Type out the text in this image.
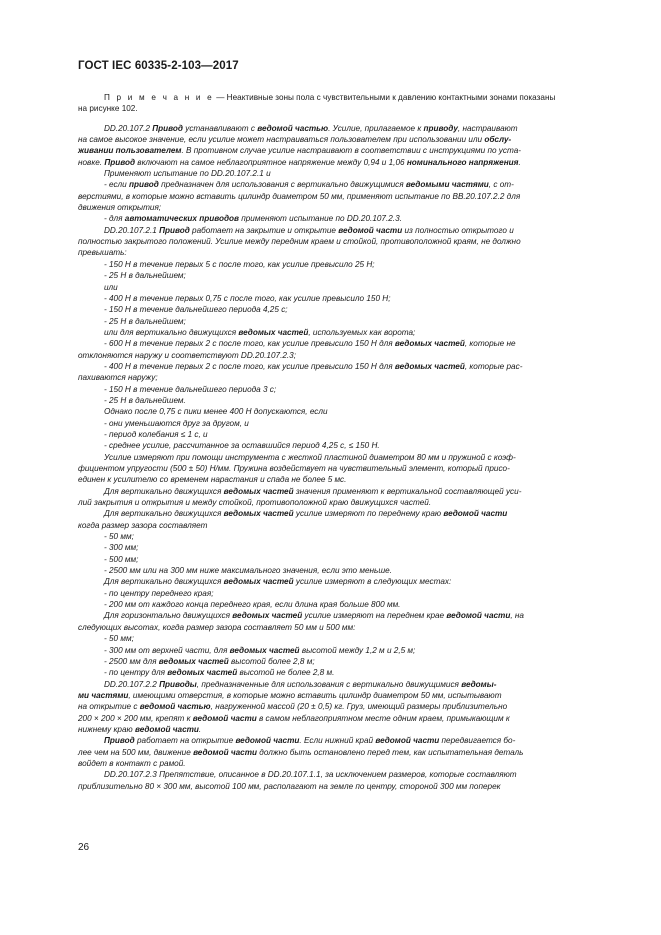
ГОСТ IEC 60335-2-103—2017

П р и м е ч а н и е — Неактивные зоны пола с чувствительными к давлению контактными зонами показаны

на рисунке 102.

DD.20.107.2 Привод устанавливают с ведомой частью. Усилие, прилагаемое к приводу, настраивают

на самое высокое значение, если усилие может настраиваться пользователем при использовании или обслу-

живании пользователем. В противном случае усилие настраивают в соответствии с инструкциями по уста-

новке. Привод включают на самое неблагоприятное напряжение между 0,94 и 1,06 номинального напряжения.

Применяют испытание по DD.20.107.2.1 и

- если привод предназначен для использования с вертикально движущимися ведомыми частями, с от-

верстиями, в которые можно вставить цилиндр диаметром 50 мм, применяют испытание по BB.20.107.2.2 для

движения открытия;

- для автоматических приводов применяют испытание по DD.20.107.2.3.

DD.20.107.2.1 Привод работает на закрытие и открытие ведомой части из полностью открытого и

полностью закрытого положений. Усилие между передним краем и стойкой, противоположной краям, не должно

превышать:

- 150 Н в течение первых 5 с после того, как усилие превысило 25 Н;

- 25 Н в дальнейшем;

или

- 400 Н в течение первых 0,75 с после того, как усилие превысило 150 Н;

- 150 Н в течение дальнейшего периода 4,25 с;

- 25 Н в дальнейшем;

или для вертикально движущихся ведомых частей, используемых как ворота;

- 600 Н в течение первых 2 с после того, как усилие превысило 150 Н для ведомых частей, которые не

отклоняются наружу и соответствуют DD.20.107.2.3;

- 400 Н в течение первых 2 с после того, как усилие превысило 150 Н для ведомых частей, которые рас-

пахиваются наружу;

- 150 Н в течение дальнейшего периода 3 с;

- 25 Н в дальнейшем.

Однако после 0,75 с пики менее 400 Н допускаются, если

- они уменьшаются друг за другом, и

- период колебания ≤ 1 с, и

- среднее усилие, рассчитанное за оставшийся период 4,25 с, ≤ 150 Н.

Усилие измеряют при помощи инструмента с жесткой пластиной диаметром 80 мм и пружиной с коэф-

фициентом упругости (500 ± 50) Н/мм. Пружина воздействует на чувствительный элемент, который присо-

единен к усилителю со временем нарастания и спада не более 5 мс.

Для вертикально движущихся ведомых частей значения применяют к вертикальной составляющей уси-

лий закрытия и открытия и между стойкой, противоположной краю движущихся частей.

Для вертикально движущихся ведомых частей усилие измеряют по переднему краю ведомой части

когда размер зазора составляет

- 50 мм;

- 300 мм;

- 500 мм;

- 2500 мм или на 300 мм ниже максимального значения, если это меньше.

Для вертикально движущихся ведомых частей усилие измеряют в следующих местах:

- по центру переднего края;

- 200 мм от каждого конца переднего края, если длина края больше 800 мм.

Для горизонтально движущихся ведомых частей усилие измеряют на переднем крае ведомой части, на

следующих высотах, когда размер зазора составляет 50 мм и 500 мм:

- 50 мм;

- 300 мм от верхней части, для ведомых частей высотой между 1,2 м и 2,5 м;

- 2500 мм для ведомых частей высотой более 2,8 м;

- по центру для ведомых частей высотой не более 2,8 м.

DD.20.107.2.2 Приводы, предназначенные для использования с вертикально движущимися ведомы-

ми частями, имеющими отверстия, в которые можно вставить цилиндр диаметром 50 мм, испытывают

на открытие с ведомой частью, нагруженной массой (20 ± 0,5) кг. Груз, имеющий размеры приблизительно

200 × 200 × 200 мм, крепят к ведомой части в самом неблагоприятном месте одним краем, примыкающим к

нижнему краю ведомой части.

Привод работает на открытие ведомой части. Если нижний край ведомой части передвигается бо-

лее чем на 500 мм, движение ведомой части должно быть остановлено перед тем, как испытательная деталь

войдет в контакт с рамой.

DD.20.107.2.3 Препятствие, описанное в DD.20.107.1.1, за исключением размеров, которые составляют

приблизительно 80 × 300 мм, высотой 100 мм, располагают на земле по центру, стороной 300 мм поперек

26
